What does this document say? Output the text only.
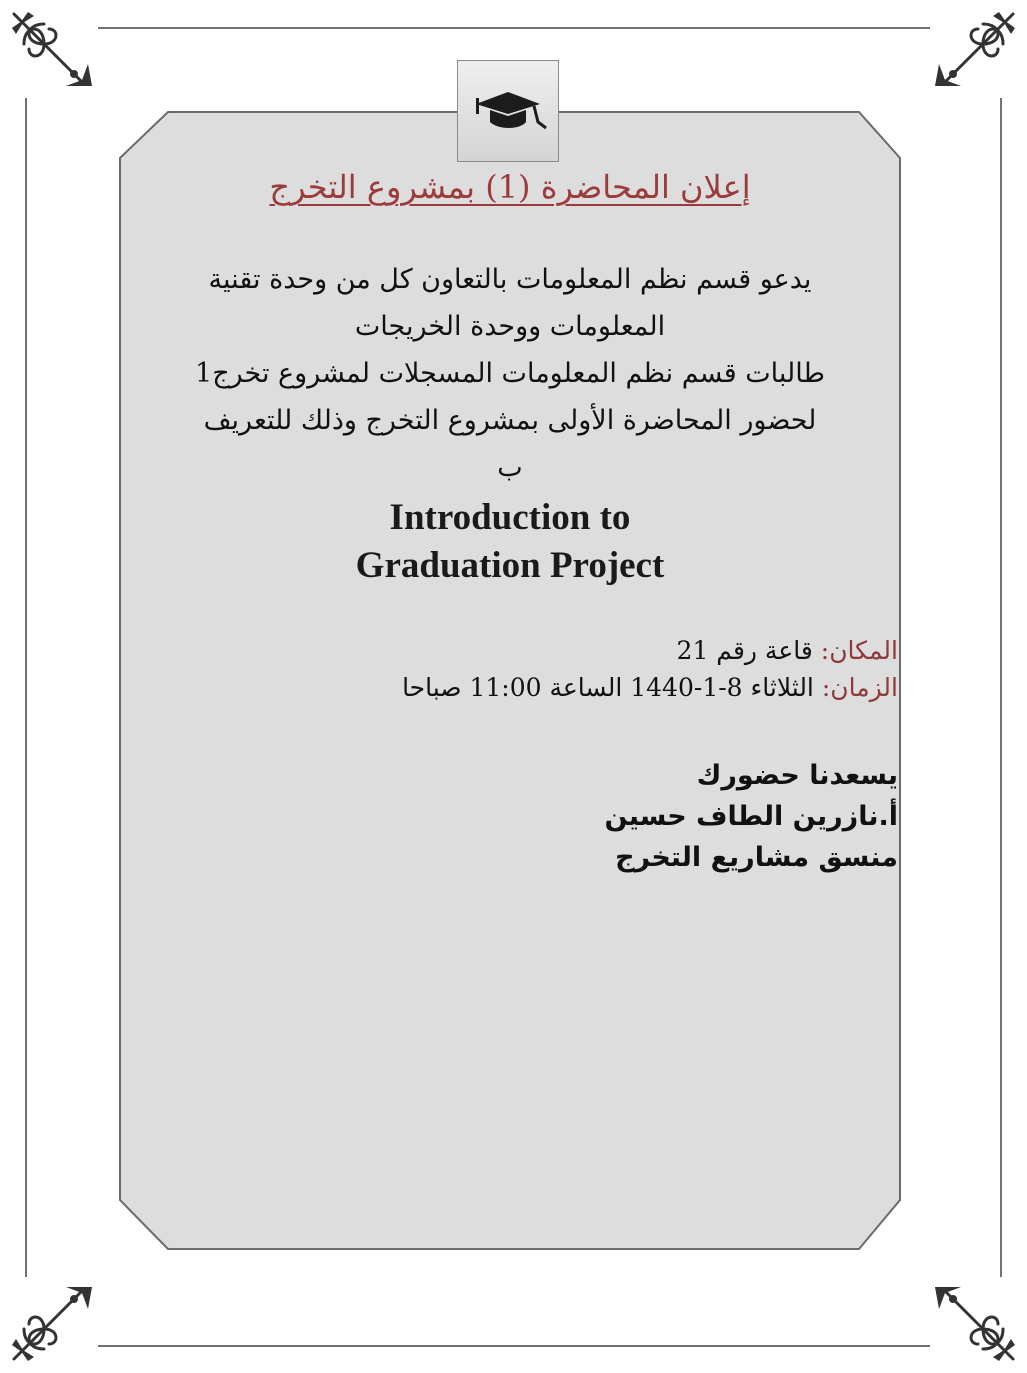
إعلان المحاضرة (1) بمشروع التخرج
يدعو قسم نظم المعلومات بالتعاون كل من وحدة تقنية
المعلومات ووحدة الخريجات
طالبات قسم نظم المعلومات المسجلات لمشروع تخرج1
لحضور المحاضرة الأولى بمشروع التخرج وذلك للتعريف
ب
Introduction to
Graduation Project
المكان: قاعة رقم 21
الزمان: الثلاثاء 8-1-1440 الساعة 11:00 صباحا
يسعدنا حضورك
أ.نازرين الطاف حسين
منسق مشاريع التخرج
